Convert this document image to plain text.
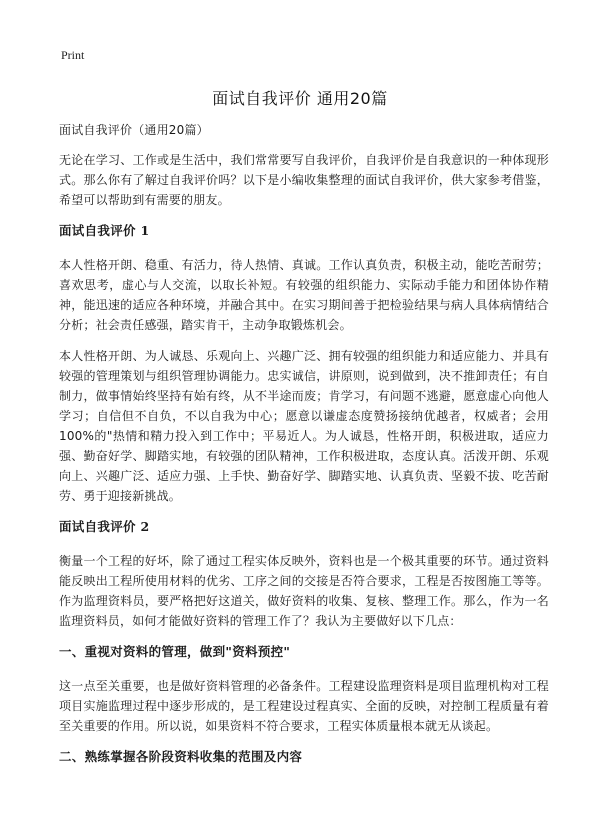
Print
面试自我评价 通用20篇

面试自我评价（通用20篇）

无论在学习、工作或是生活中，我们常常要写自我评价，自我评价是自我意识的一种体现形式。那么你有了解过自我评价吗？以下是小编收集整理的面试自我评价，供大家参考借鉴，希望可以帮助到有需要的朋友。

面试自我评价 1

本人性格开朗、稳重、有活力，待人热情、真诚。工作认真负责，积极主动，能吃苦耐劳；喜欢思考，虚心与人交流，以取长补短。有较强的组织能力、实际动手能力和团体协作精神，能迅速的适应各种环境，并融合其中。在实习期间善于把检验结果与病人具体病情结合分析；社会责任感强，踏实肯干，主动争取锻炼机会。

本人性格开朗、为人诚恳、乐观向上、兴趣广泛、拥有较强的组织能力和适应能力、并具有较强的管理策划与组织管理协调能力。忠实诚信，讲原则，说到做到，决不推卸责任；有自制力，做事情始终坚持有始有终，从不半途而废；肯学习，有问题不逃避，愿意虚心向他人学习；自信但不自负，不以自我为中心；愿意以谦虚态度赞扬接纳优越者，权威者；会用100%的"热情和精力投入到工作中；平易近人。为人诚恳，性格开朗，积极进取，适应力强、勤奋好学、脚踏实地，有较强的团队精神，工作积极进取，态度认真。活泼开朗、乐观向上、兴趣广泛、适应力强、上手快、勤奋好学、脚踏实地、认真负责、坚毅不拔、吃苦耐劳、勇于迎接新挑战。

面试自我评价 2

衡量一个工程的好坏，除了通过工程实体反映外，资料也是一个极其重要的环节。通过资料能反映出工程所使用材料的优劣、工序之间的交接是否符合要求，工程是否按图施工等等。作为监理资料员，要严格把好这道关，做好资料的收集、复核、整理工作。那么，作为一名监理资料员，如何才能做好资料的管理工作了？我认为主要做好以下几点：

一、重视对资料的管理，做到"资料预控"

这一点至关重要，也是做好资料管理的必备条件。工程建设监理资料是项目监理机构对工程项目实施监理过程中逐步形成的，是工程建设过程真实、全面的反映，对控制工程质量有着至关重要的作用。所以说，如果资料不符合要求，工程实体质量根本就无从谈起。

二、熟练掌握各阶段资料收集的范围及内容
